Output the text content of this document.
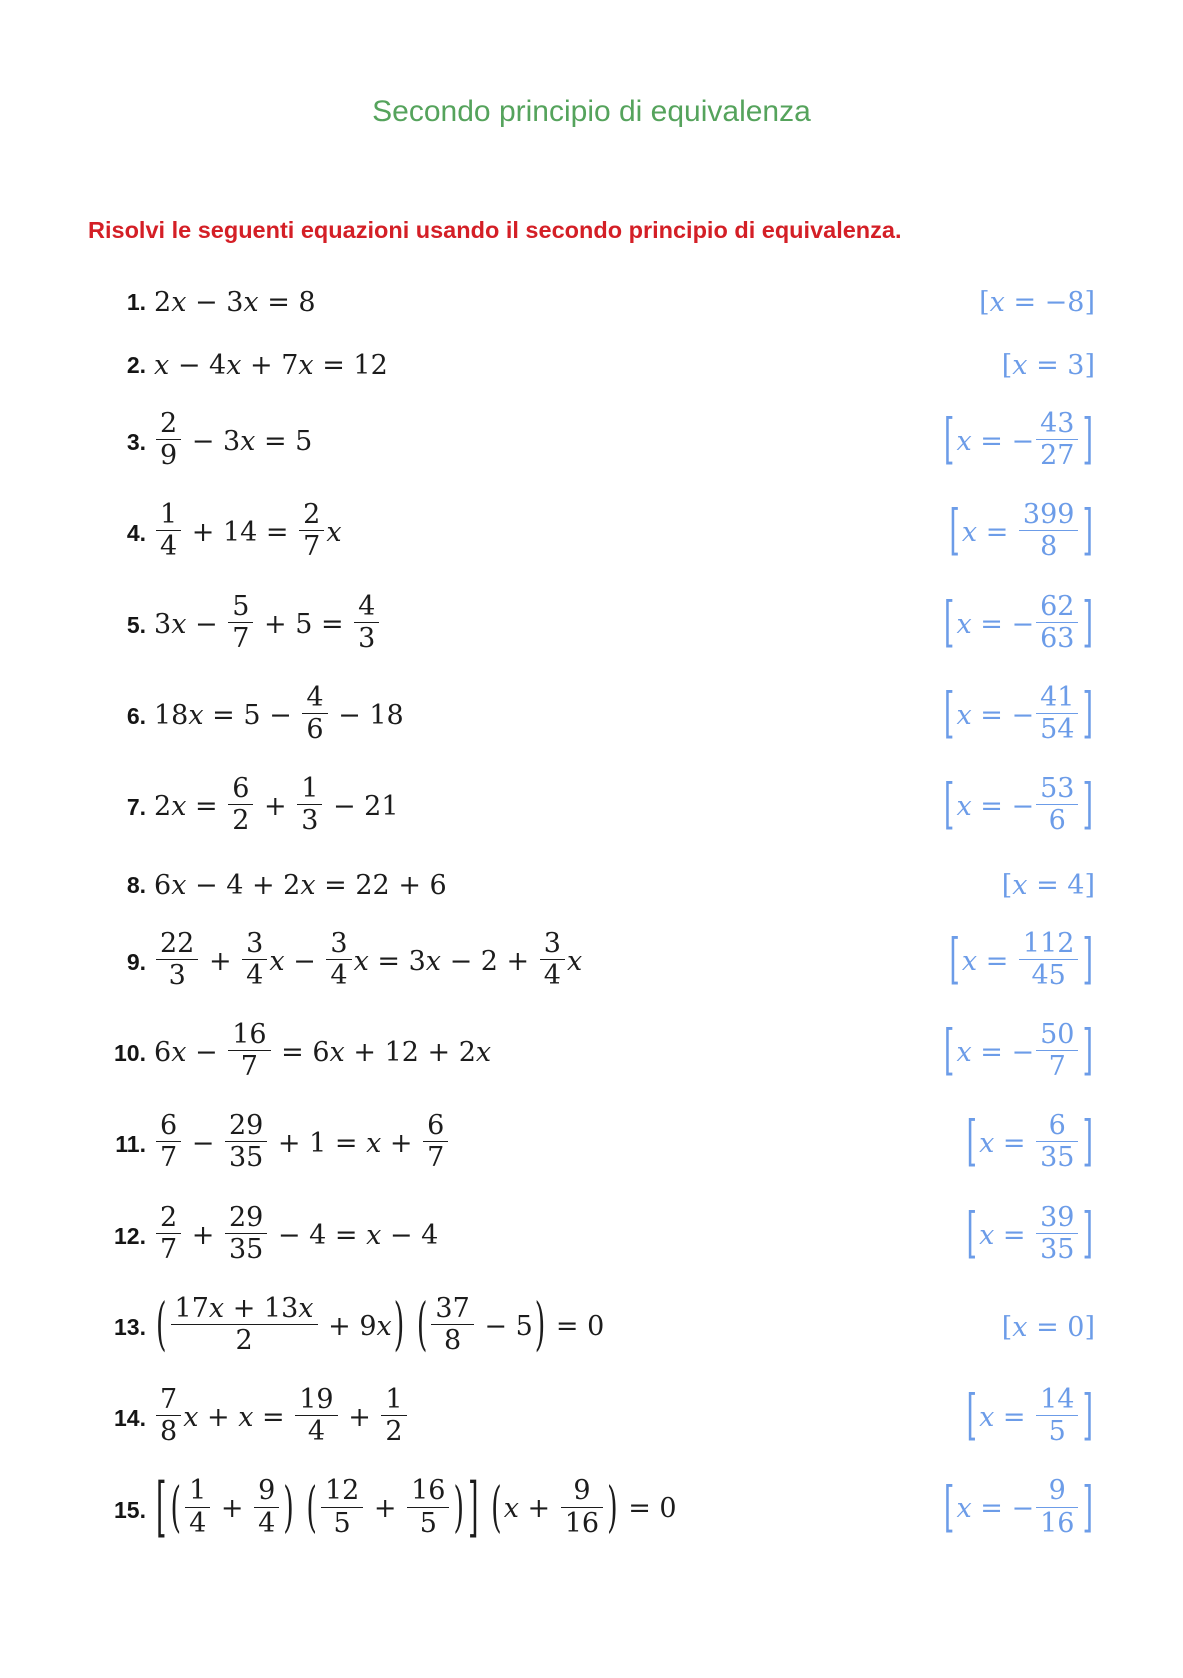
Secondo principio di equivalenza
Risolvi le seguenti equazioni usando il secondo principio di equivalenza.
1. 2x − 3x = 8	[x = −8]
2. x − 4x + 7x = 12	[x = 3]
3. $\frac{2}{9} - 3x = 5$	[x = − $\frac{43}{27}$ ]
4. $\frac{1}{4} + 14 = \frac{2}{7}$ x	[$x = \frac{399}{8}$ ]
5. $3x - \frac{5}{7} + 5 = \frac{4}{3}$	[x = − $\frac{62}{63}$ ]
6. $18x = 5 - \frac{4}{6} - 18$	[x = − $\frac{41}{54}$ ]
7. $2x = \frac{6}{2} + \frac{1}{3} - 21$	[x = − $\frac{53}{6}$ ]
8. 6x − 4 + 2x = 22 + 6	[x = 4]
9. $\frac{22}{3} + \frac{3}{4}$ $x - \frac{3}{4}$ $x = 3x - 2 + \frac{3}{4}$ x	[$x = \frac{112}{45}$ ]
10. $6x - \frac{16}{7} = 6x + 12 + 2x$	[x = − $\frac{50}{7}$ ]
11. $\frac{6}{7} - \frac{29}{35} + 1 = x + \frac{6}{7}$	[$x = \frac{6}{35}$ ]
12. $\frac{2}{7} + \frac{29}{35} - 4 = x - 4$	[$x = \frac{39}{35}$ ]
13. ( $\frac{17x + 13x}{2} + 9x$) ( $\frac{37}{8} - 5) = 0$	[x = 0]
14. $\frac{7}{8}$ $x + x = \frac{19}{4} + \frac{1}{2}$	[$x = \frac{14}{5}$ ]
15. [ ( $\frac{1}{4} + \frac{9}{4}$ ) ( $\frac{12}{5} + \frac{16}{5}$ ) ] ($x + \frac{9}{16}$ ) = 0	[x = − $\frac{9}{16}$ ]
